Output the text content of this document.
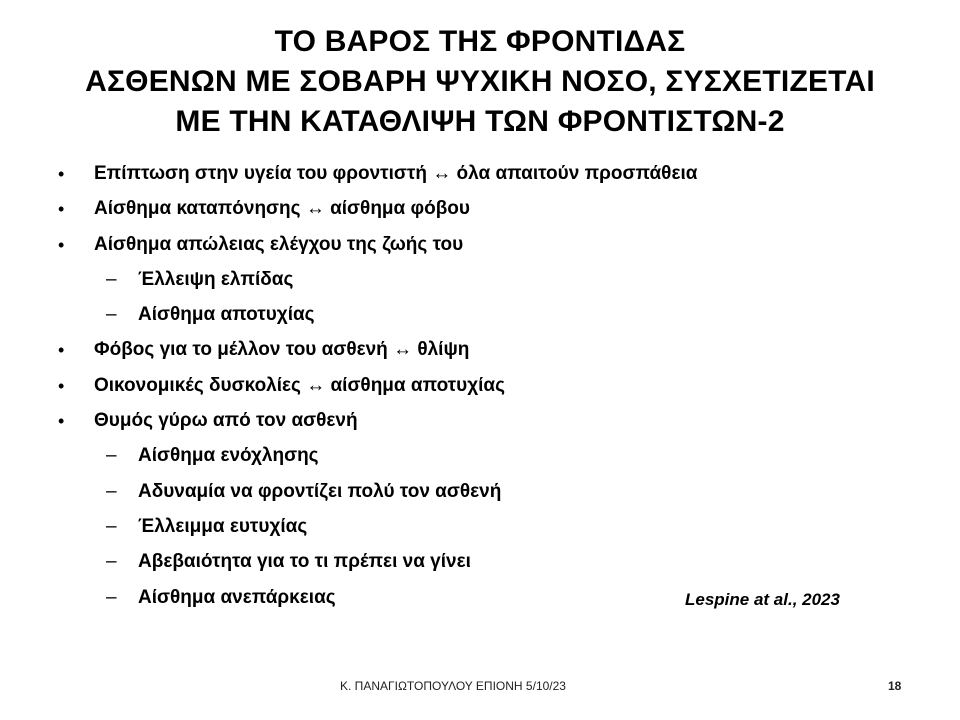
ΤΟ ΒΑΡΟΣ ΤΗΣ ΦΡΟΝΤΙΔΑΣ
ΑΣΘΕΝΩΝ ΜΕ ΣΟΒΑΡΗ ΨΥΧΙΚΗ ΝΟΣΟ, ΣΥΣΧΕΤΙΖΕΤΑΙ
ΜΕ ΤΗΝ ΚΑΤΑΘΛΙΨΗ ΤΩΝ ΦΡΟΝΤΙΣΤΩΝ-2
• Επίπτωση στην υγεία του φροντιστή ↔ όλα απαιτούν προσπάθεια
• Αίσθημα καταπόνησης ↔ αίσθημα φόβου
• Αίσθημα απώλειας ελέγχου της ζωής του
– Έλλειψη ελπίδας
– Αίσθημα αποτυχίας
• Φόβος για το μέλλον του ασθενή ↔ θλίψη
• Οικονομικές δυσκολίες ↔ αίσθημα αποτυχίας
• Θυμός γύρω από τον ασθενή
– Αίσθημα ενόχλησης
– Αδυναμία να φροντίζει πολύ τον ασθενή
– Έλλειμμα ευτυχίας
– Αβεβαιότητα για το τι πρέπει να γίνει
– Αίσθημα ανεπάρκειας	Lespine at al., 2023
Κ. ΠΑΝΑΓΙΩΤΟΠΟΥΛΟΥ ΕΠΙΟΝΗ 5/10/23	18
